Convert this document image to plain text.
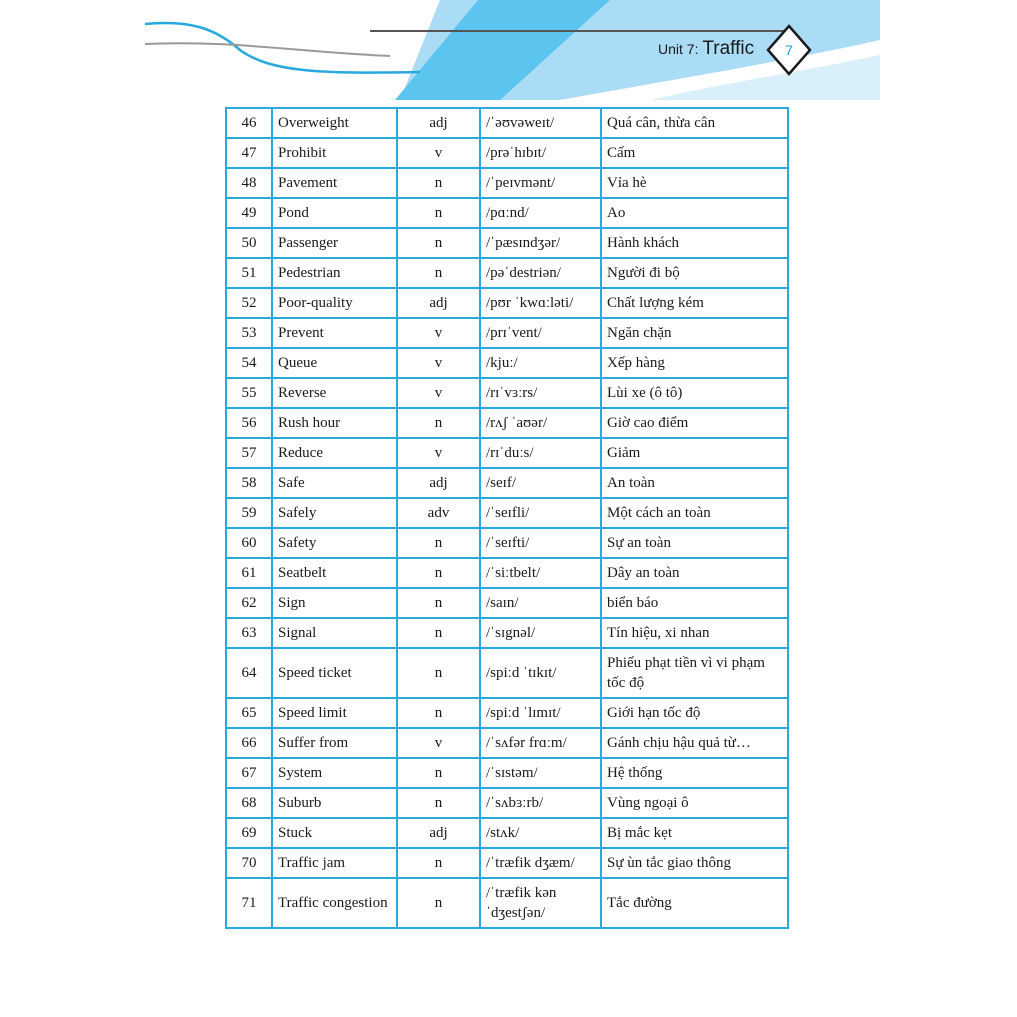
Unit 7: Traffic	7
46	Overweight	adj	/ˈəʊvəweɪt/	Quá cân, thừa cân
47	Prohibit	v	/prəˈhɪbɪt/	Cấm
48	Pavement	n	/ˈpeɪvmənt/	Vỉa hè
49	Pond	n	/pɑːnd/	Ao
50	Passenger	n	/ˈpæsɪndʒər/	Hành khách
51	Pedestrian	n	/pəˈdestriən/	Người đi bộ
52	Poor-quality	adj	/pʊr ˈkwɑːləti/	Chất lượng kém
53	Prevent	v	/prɪˈvent/	Ngăn chặn
54	Queue	v	/kjuː/	Xếp hàng
55	Reverse	v	/rɪˈvɜːrs/	Lùi xe (ô tô)
56	Rush hour	n	/rʌʃ ˈaʊər/	Giờ cao điểm
57	Reduce	v	/rɪˈduːs/	Giảm
58	Safe	adj	/seɪf/	An toàn
59	Safely	adv	/ˈseɪfli/	Một cách an toàn
60	Safety	n	/ˈseɪfti/	Sự an toàn
61	Seatbelt	n	/ˈsiːtbelt/	Dây an toàn
62	Sign	n	/saɪn/	biển báo
63	Signal	n	/ˈsɪgnəl/	Tín hiệu, xi nhan
64	Speed ticket	n	/spiːd ˈtɪkɪt/	Phiếu phạt tiền vì vi phạm tốc độ
65	Speed limit	n	/spiːd ˈlɪmɪt/	Giới hạn tốc độ
66	Suffer from	v	/ˈsʌfər frɑːm/	Gánh chịu hậu quả từ…
67	System	n	/ˈsɪstəm/	Hệ thống
68	Suburb	n	/ˈsʌbɜːrb/	Vùng ngoại ô
69	Stuck	adj	/stʌk/	Bị mắc kẹt
70	Traffic jam	n	/ˈtræfik dʒæm/	Sự ùn tắc giao thông
71	Traffic congestion	n	/ˈtræfik kənˈdʒestʃən/	Tắc đường
